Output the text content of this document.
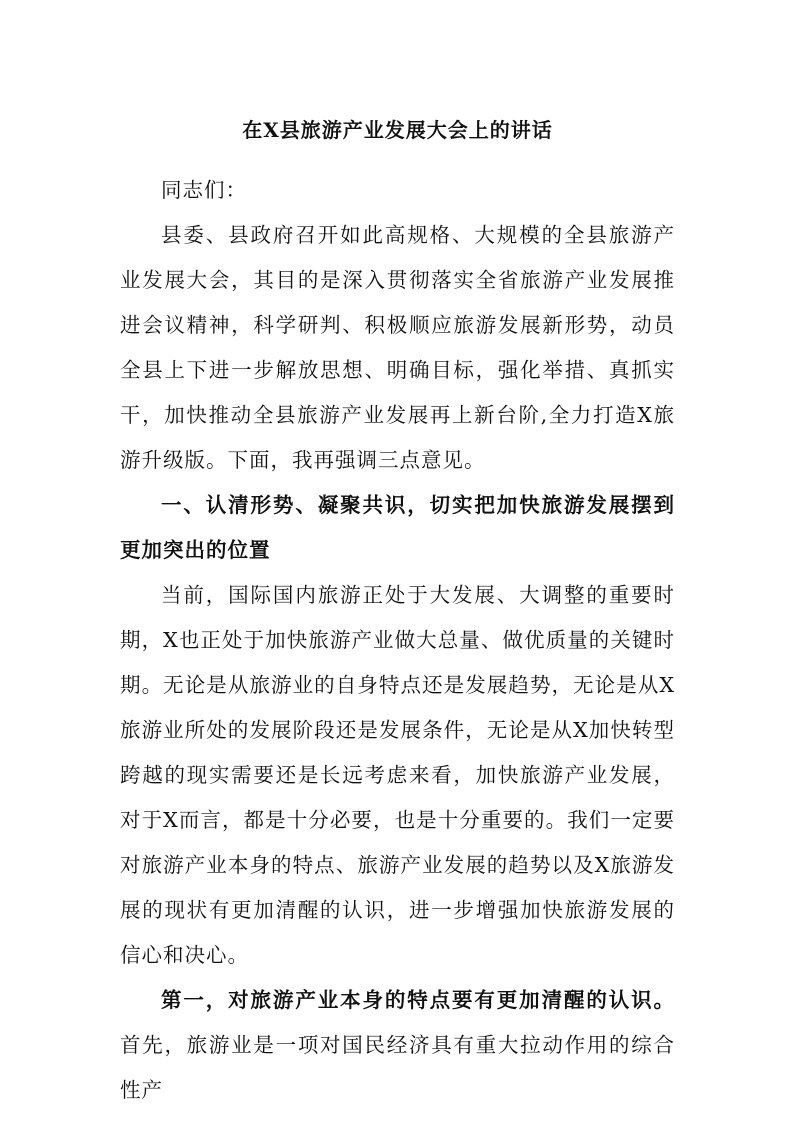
在X县旅游产业发展大会上的讲话

同志们：

县委、县政府召开如此高规格、大规模的全县旅游产业发展大会，其目的是深入贯彻落实全省旅游产业发展推进会议精神，科学研判、积极顺应旅游发展新形势，动员全县上下进一步解放思想、明确目标，强化举措、真抓实干，加快推动全县旅游产业发展再上新台阶,全力打造X旅游升级版。下面，我再强调三点意见。

一、认清形势、凝聚共识，切实把加快旅游发展摆到更加突出的位置

当前，国际国内旅游正处于大发展、大调整的重要时期，X也正处于加快旅游产业做大总量、做优质量的关键时期。无论是从旅游业的自身特点还是发展趋势，无论是从X旅游业所处的发展阶段还是发展条件，无论是从X加快转型跨越的现实需要还是长远考虑来看，加快旅游产业发展，对于X而言，都是十分必要，也是十分重要的。我们一定要对旅游产业本身的特点、旅游产业发展的趋势以及X旅游发展的现状有更加清醒的认识，进一步增强加快旅游发展的信心和决心。

第一，对旅游产业本身的特点要有更加清醒的认识。首先，旅游业是一项对国民经济具有重大拉动作用的综合性产
